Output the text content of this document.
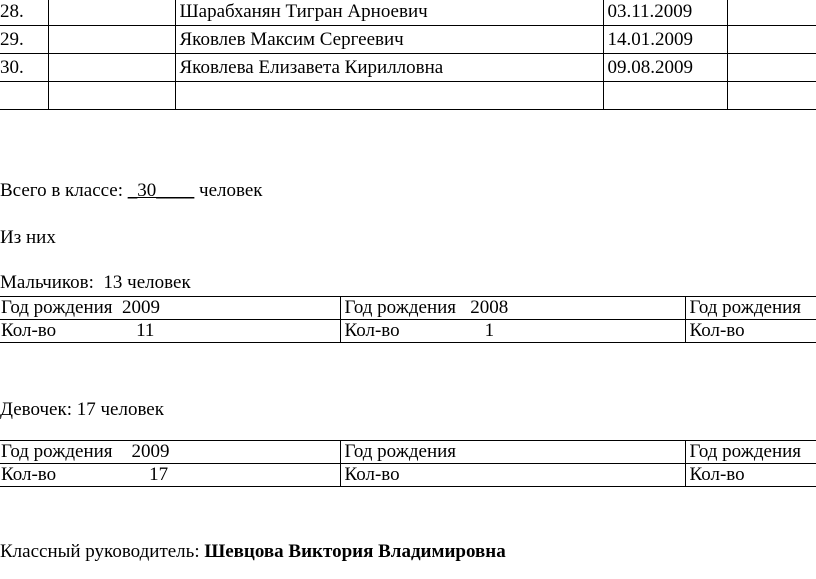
28.		Шарабханян Тигран Арноевич	03.11.2009	
29.		Яковлев Максим Сергеевич	14.01.2009	
30.		Яковлева Елизавета Кирилловна	09.08.2009	

Всего в классе: _30____ человек
Из них
Мальчиков:  13 человек
Год рождения  2009	Год рождения   2008	Год рождения
Кол-во 11	Кол-во 1	Кол-во
Девочек: 17 человек
Год рождения    2009	Год рождения	Год рождения
Кол-во 17	Кол-во	Кол-во
Классный руководитель: Шевцова Виктория Владимировна
